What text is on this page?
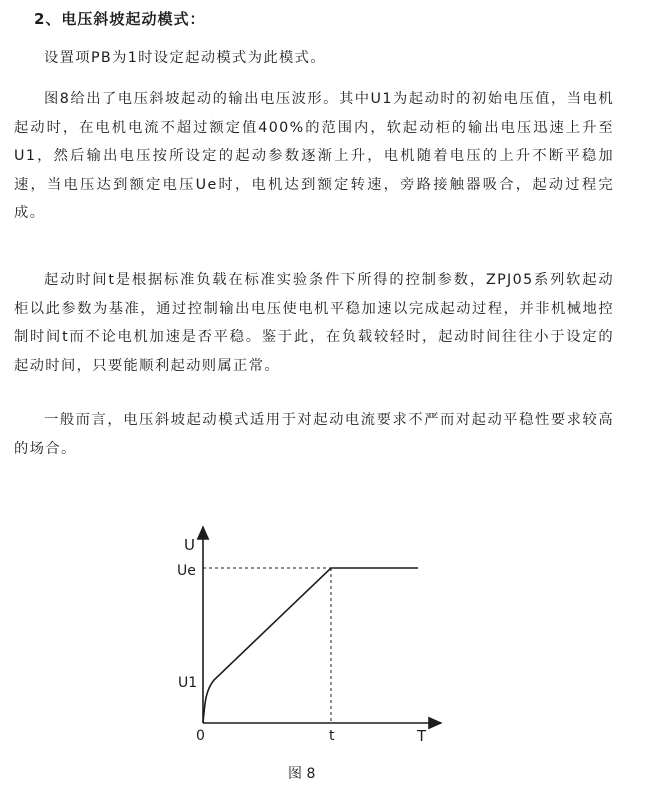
2、电压斜坡起动模式：

设置项PB为1时设定起动模式为此模式。

图8给出了电压斜坡起动的输出电压波形。其中U1为起动时的初始电压值，当电机起动时，在电机电流不超过额定值400%的范围内，软起动柜的输出电压迅速上升至U1，然后输出电压按所设定的起动参数逐渐上升，电机随着电压的上升不断平稳加速，当电压达到额定电压Ue时，电机达到额定转速，旁路接触器吸合，起动过程完成。

起动时间t是根据标准负载在标准实验条件下所得的控制参数，ZPJ05系列软起动柜以此参数为基准，通过控制输出电压使电机平稳加速以完成起动过程，并非机械地控制时间t而不论电机加速是否平稳。鉴于此，在负载较轻时，起动时间往往小于设定的起动时间，只要能顺利起动则属正常。

一般而言，电压斜坡起动模式适用于对起动电流要求不严而对起动平稳性要求较高的场合。

U
Ue
U1
0	t	T
图 8
